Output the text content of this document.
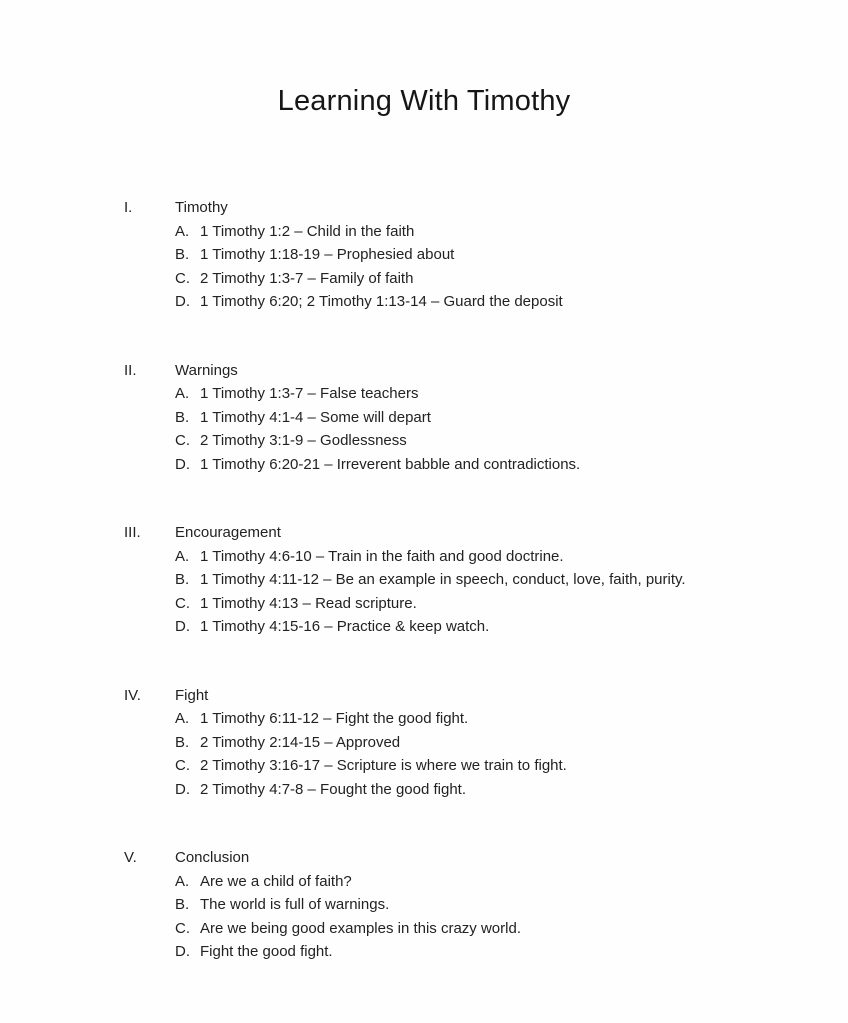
Learning With Timothy
I.	Timothy
A. 1 Timothy 1:2 – Child in the faith
B. 1 Timothy 1:18-19 – Prophesied about
C. 2 Timothy 1:3-7 – Family of faith
D. 1 Timothy 6:20; 2 Timothy 1:13-14 – Guard the deposit
II.	Warnings
A. 1 Timothy 1:3-7 – False teachers
B. 1 Timothy 4:1-4 – Some will depart
C. 2 Timothy 3:1-9 – Godlessness
D. 1 Timothy 6:20-21 – Irreverent babble and contradictions.
III.	Encouragement
A. 1 Timothy 4:6-10 – Train in the faith and good doctrine.
B. 1 Timothy 4:11-12 – Be an example in speech, conduct, love, faith, purity.
C. 1 Timothy 4:13 – Read scripture.
D. 1 Timothy 4:15-16 – Practice & keep watch.
IV.	Fight
A. 1 Timothy 6:11-12 – Fight the good fight.
B. 2 Timothy 2:14-15 – Approved
C. 2 Timothy 3:16-17 – Scripture is where we train to fight.
D. 2 Timothy 4:7-8 – Fought the good fight.
V.	Conclusion
A. Are we a child of faith?
B. The world is full of warnings.
C. Are we being good examples in this crazy world.
D. Fight the good fight.
